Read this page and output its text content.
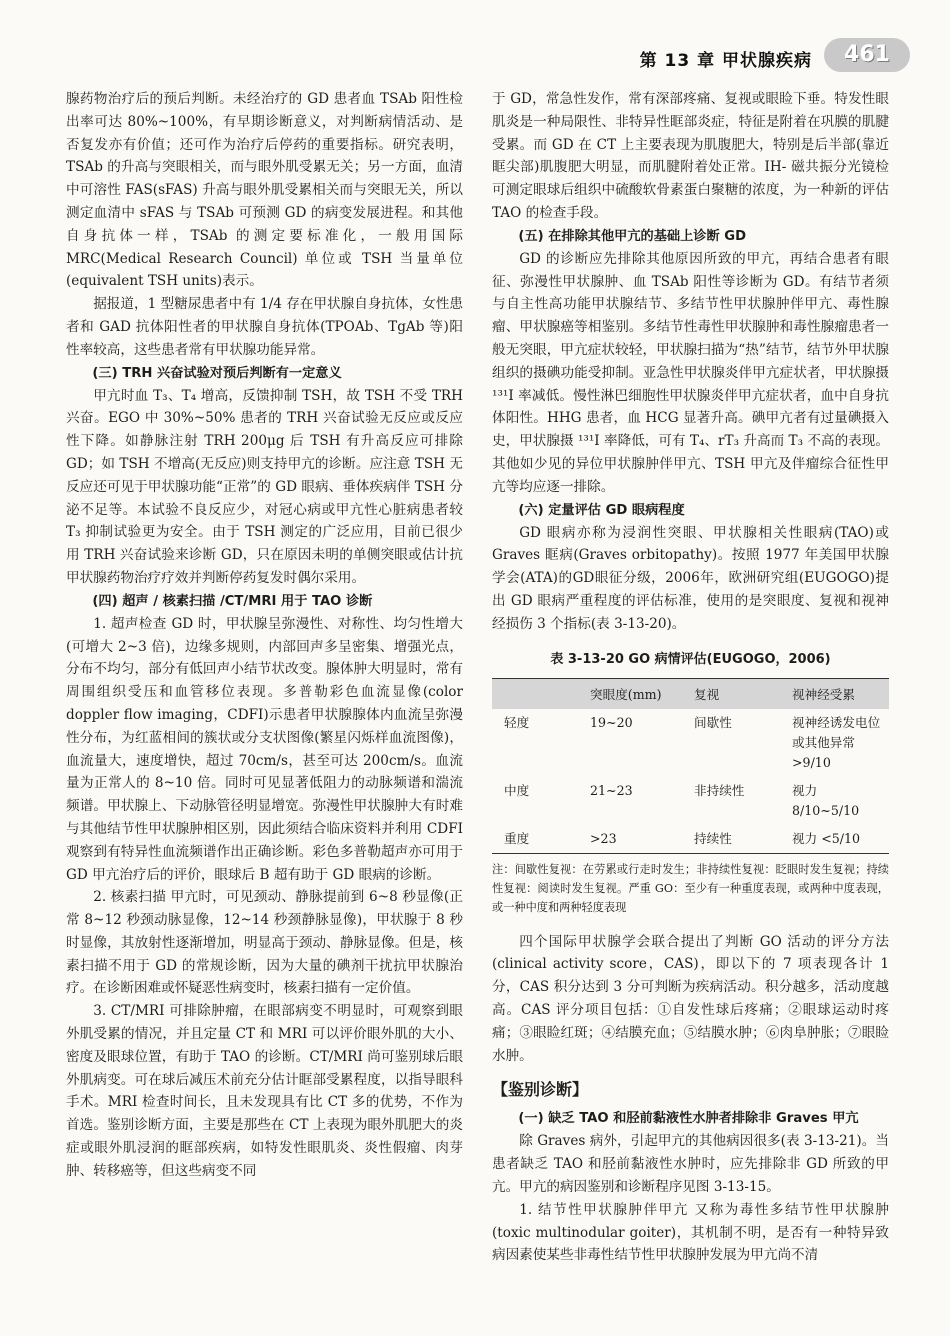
第 13 章 甲状腺疾病	461

腺药物治疗后的预后判断。未经治疗的 GD 患者血 TSAb 阳性检出率可达 80%~100%，有早期诊断意义，对判断病情活动、是否复发亦有价值；还可作为治疗后停药的重要指标。研究表明，TSAb 的升高与突眼相关，而与眼外肌受累无关；另一方面，血清中可溶性 FAS(sFAS) 升高与眼外肌受累相关而与突眼无关，所以测定血清中 sFAS 与 TSAb 可预测 GD 的病变发展进程。和其他自身抗体一样，TSAb 的测定要标准化，一般用国际 MRC(Medical Research Council) 单位或 TSH 当量单位(equivalent TSH units)表示。

据报道，1 型糖尿患者中有 1/4 存在甲状腺自身抗体，女性患者和 GAD 抗体阳性者的甲状腺自身抗体(TPOAb、TgAb 等)阳性率较高，这些患者常有甲状腺功能异常。

(三) TRH 兴奋试验对预后判断有一定意义

甲亢时血 T₃、T₄ 增高，反馈抑制 TSH，故 TSH 不受 TRH 兴奋。EGO 中 30%~50% 患者的 TRH 兴奋试验无反应或反应性下降。如静脉注射 TRH 200μg 后 TSH 有升高反应可排除 GD；如 TSH 不增高(无反应)则支持甲亢的诊断。应注意 TSH 无反应还可见于甲状腺功能“正常”的 GD 眼病、垂体疾病伴 TSH 分泌不足等。本试验不良反应少，对冠心病或甲亢性心脏病患者较 T₃ 抑制试验更为安全。由于 TSH 测定的广泛应用，目前已很少用 TRH 兴奋试验来诊断 GD，只在原因未明的单侧突眼或估计抗甲状腺药物治疗疗效并判断停药复发时偶尔采用。

(四) 超声 / 核素扫描 /CT/MRI 用于 TAO 诊断

1. 超声检查 GD 时，甲状腺呈弥漫性、对称性、均匀性增大(可增大 2~3 倍)，边缘多规则，内部回声多呈密集、增强光点，分布不均匀，部分有低回声小结节状改变。腺体肿大明显时，常有周围组织受压和血管移位表现。多普勒彩色血流显像(color doppler flow imaging，CDFI)示患者甲状腺腺体内血流呈弥漫性分布，为红蓝相间的簇状或分支状图像(繁星闪烁样血流图像)，血流量大，速度增快，超过 70cm/s，甚至可达 200cm/s。血流量为正常人的 8~10 倍。同时可见显著低阻力的动脉频谱和湍流频谱。甲状腺上、下动脉管径明显增宽。弥漫性甲状腺肿大有时难与其他结节性甲状腺肿相区别，因此须结合临床资料并利用 CDFI 观察到有特异性血流频谱作出正确诊断。彩色多普勒超声亦可用于 GD 甲亢治疗后的评价，眼球后 B 超有助于 GD 眼病的诊断。

2. 核素扫描 甲亢时，可见颈动、静脉提前到 6~8 秒显像(正常 8~12 秒颈动脉显像，12~14 秒颈静脉显像)，甲状腺于 8 秒时显像，其放射性逐渐增加，明显高于颈动、静脉显像。但是，核素扫描不用于 GD 的常规诊断，因为大量的碘剂干扰抗甲状腺治疗。在诊断困难或怀疑恶性病变时，核素扫描有一定价值。

3. CT/MRI 可排除肿瘤，在眼部病变不明显时，可观察到眼外肌受累的情况，并且定量 CT 和 MRI 可以评价眼外肌的大小、密度及眼球位置，有助于 TAO 的诊断。CT/MRI 尚可鉴别球后眼外肌病变。可在球后减压术前充分估计眶部受累程度，以指导眼科手术。MRI 检查时间长，且未发现具有比 CT 多的优势，不作为首选。鉴别诊断方面，主要是那些在 CT 上表现为眼外肌肥大的炎症或眼外肌浸润的眶部疾病，如特发性眼肌炎、炎性假瘤、肉芽肿、转移癌等，但这些病变不同

于 GD，常急性发作，常有深部疼痛、复视或眼睑下垂。特发性眼肌炎是一种局限性、非特异性眶部炎症，特征是附着在巩膜的肌腱受累。而 GD 在 CT 上主要表现为肌腹肥大，特别是后半部(靠近眶尖部)肌腹肥大明显，而肌腱附着处正常。IH- 磁共振分光镜检可测定眼球后组织中硫酸软骨素蛋白聚糖的浓度，为一种新的评估 TAO 的检查手段。

(五) 在排除其他甲亢的基础上诊断 GD

GD 的诊断应先排除其他原因所致的甲亢，再结合患者有眼征、弥漫性甲状腺肿、血 TSAb 阳性等诊断为 GD。有结节者须与自主性高功能甲状腺结节、多结节性甲状腺肿伴甲亢、毒性腺瘤、甲状腺癌等相鉴别。多结节性毒性甲状腺肿和毒性腺瘤患者一般无突眼，甲亢症状较轻，甲状腺扫描为“热”结节，结节外甲状腺组织的摄碘功能受抑制。亚急性甲状腺炎伴甲亢症状者，甲状腺摄 ¹³¹I 率减低。慢性淋巴细胞性甲状腺炎伴甲亢症状者，血中自身抗体阳性。HHG 患者，血 HCG 显著升高。碘甲亢者有过量碘摄入史，甲状腺摄 ¹³¹I 率降低，可有 T₄、rT₃ 升高而 T₃ 不高的表现。其他如少见的异位甲状腺肿伴甲亢、TSH 甲亢及伴瘤综合征性甲亢等均应逐一排除。

(六) 定量评估 GD 眼病程度

GD 眼病亦称为浸润性突眼、甲状腺相关性眼病(TAO)或 Graves 眶病(Graves orbitopathy)。按照 1977 年美国甲状腺学会(ATA)的GD眼征分级，2006年，欧洲研究组(EUGOGO)提出 GD 眼病严重程度的评估标准，使用的是突眼度、复视和视神经损伤 3 个指标(表 3-13-20)。

表 3-13-20 GO 病情评估(EUGOGO，2006)
	突眼度(mm)	复视	视神经受累
轻度	19~20	间歇性	视神经诱发电位或其他异常 >9/10
中度	21~23	非持续性	视力 8/10~5/10
重度	>23	持续性	视力 <5/10
注：间歇性复视：在劳累或行走时发生；非持续性复视：眨眼时发生复视；持续性复视：阅读时发生复视。严重 GO：至少有一种重度表现，或两种中度表现，或一种中度和两种轻度表现

四个国际甲状腺学会联合提出了判断 GO 活动的评分方法(clinical activity score，CAS)，即以下的 7 项表现各计 1 分，CAS 积分达到 3 分可判断为疾病活动。积分越多，活动度越高。CAS 评分项目包括：①自发性球后疼痛；②眼球运动时疼痛；③眼睑红斑；④结膜充血；⑤结膜水肿；⑥肉阜肿胀；⑦眼睑水肿。

【鉴别诊断】
(一) 缺乏 TAO 和胫前黏液性水肿者排除非 Graves 甲亢

除 Graves 病外，引起甲亢的其他病因很多(表 3-13-21)。当患者缺乏 TAO 和胫前黏液性水肿时，应先排除非 GD 所致的甲亢。甲亢的病因鉴别和诊断程序见图 3-13-15。

1. 结节性甲状腺肿伴甲亢 又称为毒性多结节性甲状腺肿(toxic multinodular goiter)，其机制不明，是否有一种特异致病因素使某些非毒性结节性甲状腺肿发展为甲亢尚不清
